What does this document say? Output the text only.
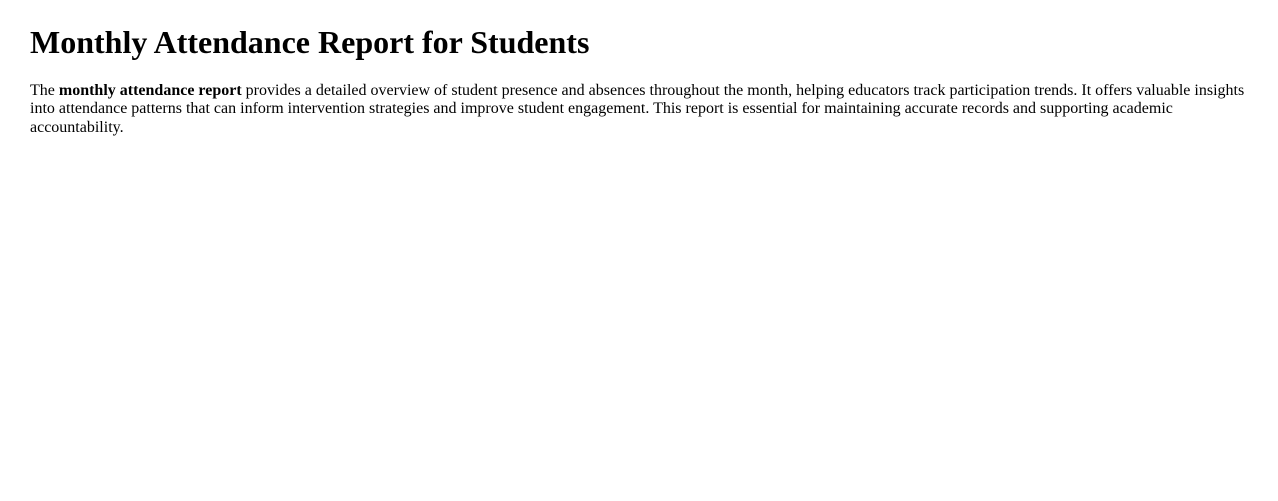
Monthly Attendance Report for Students

The monthly attendance report provides a detailed overview of student presence and absences throughout the month, helping educators track participation trends. It offers valuable insights into attendance patterns that can inform intervention strategies and improve student engagement. This report is essential for maintaining accurate records and supporting academic accountability.
